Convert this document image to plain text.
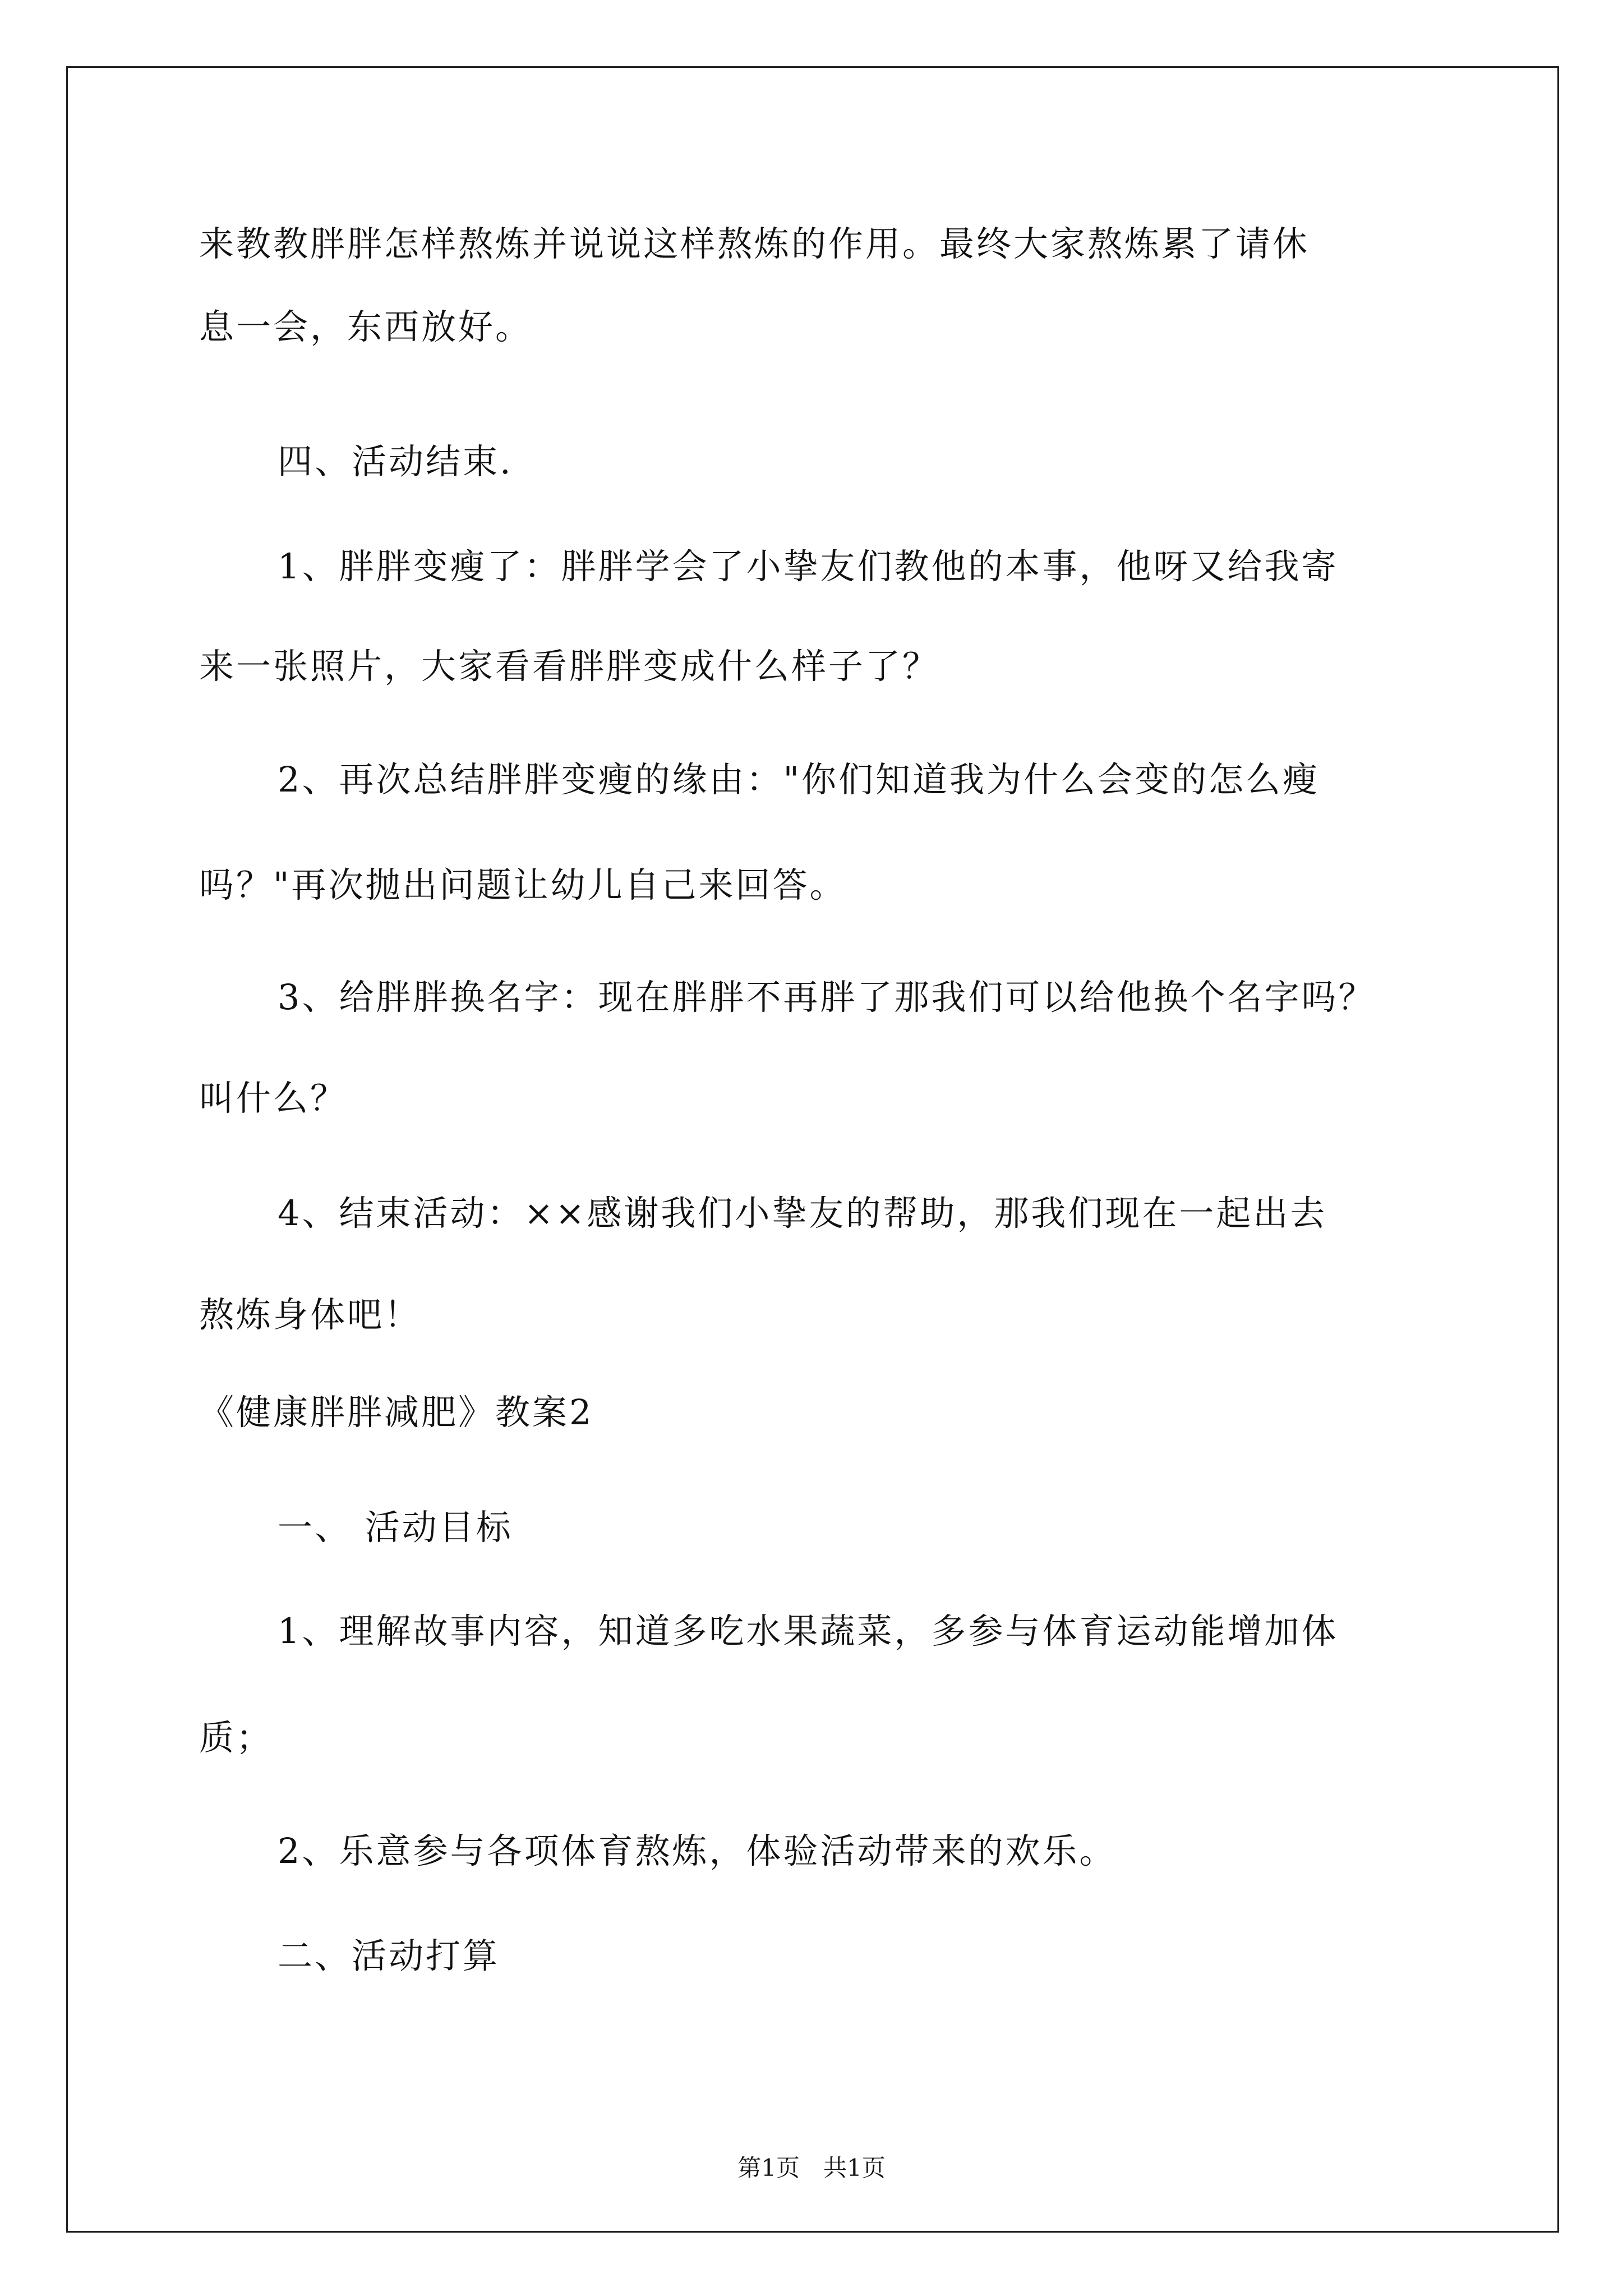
来教教胖胖怎样熬炼并说说这样熬炼的作用。最终大家熬炼累了请休
息一会，东西放好。
四、活动结束.
1、胖胖变瘦了：胖胖学会了小挚友们教他的本事，他呀又给我寄
来一张照片，大家看看胖胖变成什么样子了？
2、再次总结胖胖变瘦的缘由："你们知道我为什么会变的怎么瘦
吗？"再次抛出问题让幼儿自己来回答。
3、给胖胖换名字：现在胖胖不再胖了那我们可以给他换个名字吗？
叫什么？
4、结束活动：××感谢我们小挚友的帮助，那我们现在一起出去
熬炼身体吧！
《健康胖胖减肥》教案2
一、 活动目标
1、理解故事内容，知道多吃水果蔬菜，多参与体育运动能增加体
质；
2、乐意参与各项体育熬炼，体验活动带来的欢乐。
二、活动打算
第1页　共1页
